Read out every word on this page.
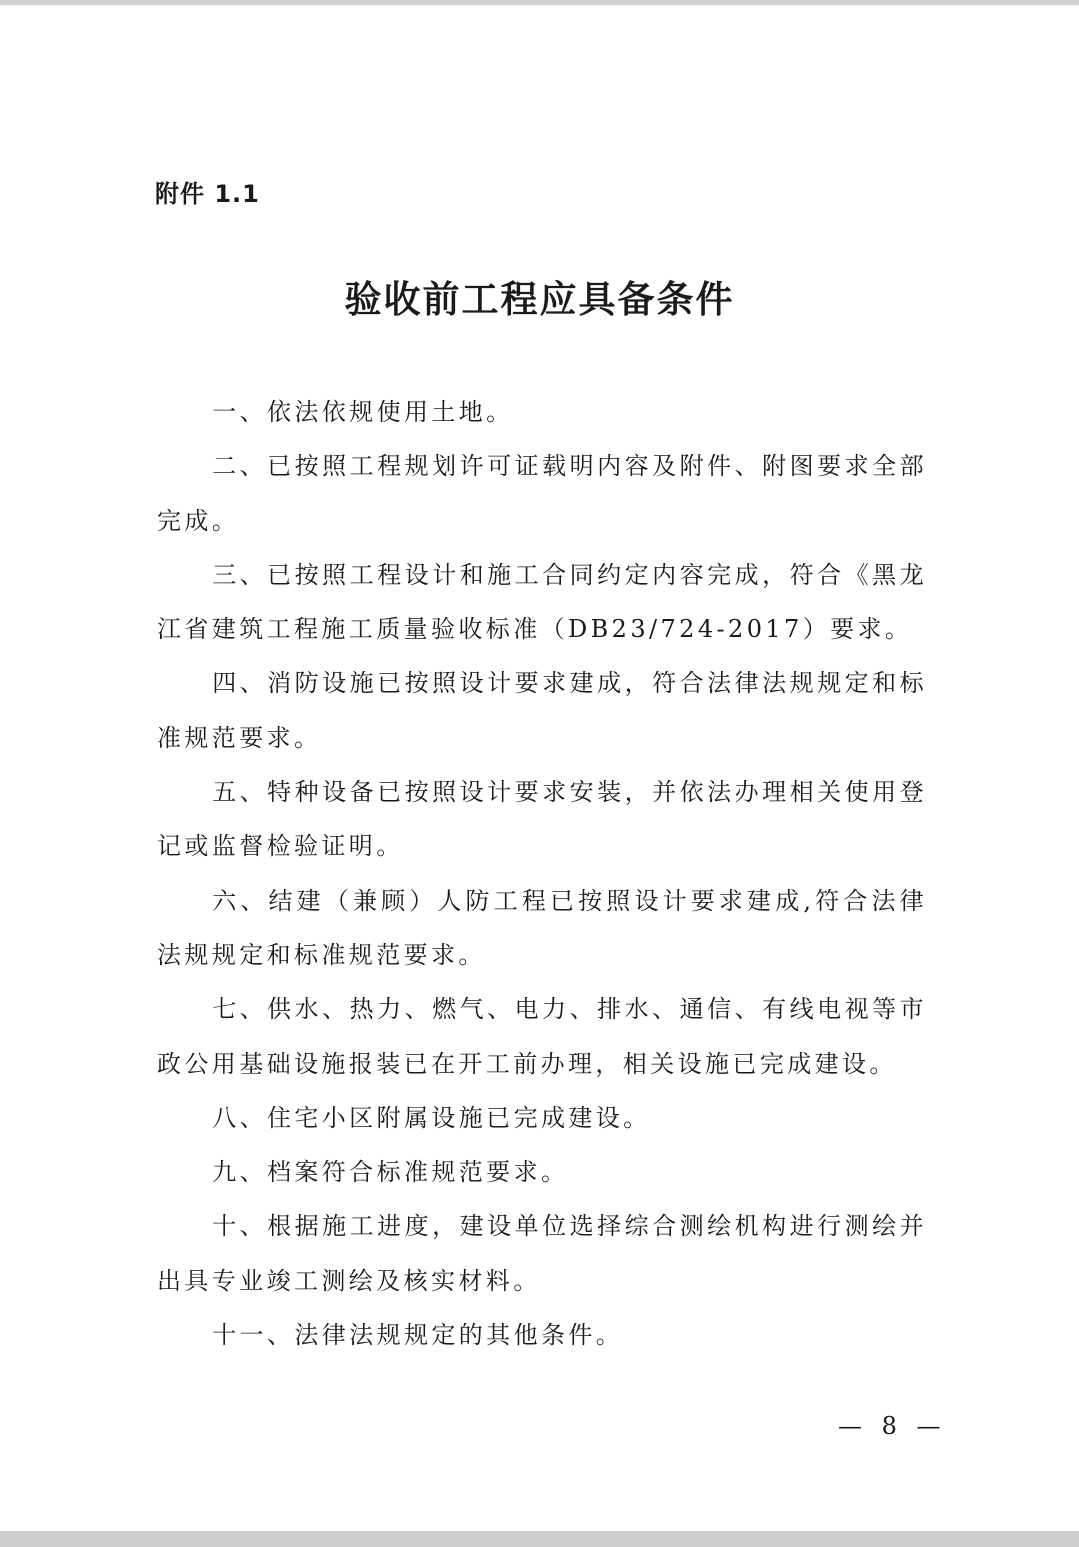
附件 1.1
验收前工程应具备条件
一、依法依规使用土地。
二、已按照工程规划许可证载明内容及附件、附图要求全部完成。
三、已按照工程设计和施工合同约定内容完成，符合《黑龙江省建筑工程施工质量验收标准（DB23/724-2017）要求。
四、消防设施已按照设计要求建成，符合法律法规规定和标准规范要求。
五、特种设备已按照设计要求安装，并依法办理相关使用登记或监督检验证明。
六、结建（兼顾）人防工程已按照设计要求建成,符合法律法规规定和标准规范要求。
七、供水、热力、燃气、电力、排水、通信、有线电视等市政公用基础设施报装已在开工前办理，相关设施已完成建设。
八、住宅小区附属设施已完成建设。
九、档案符合标准规范要求。
十、根据施工进度，建设单位选择综合测绘机构进行测绘并出具专业竣工测绘及核实材料。
十一、法律法规规定的其他条件。
— 8 —
